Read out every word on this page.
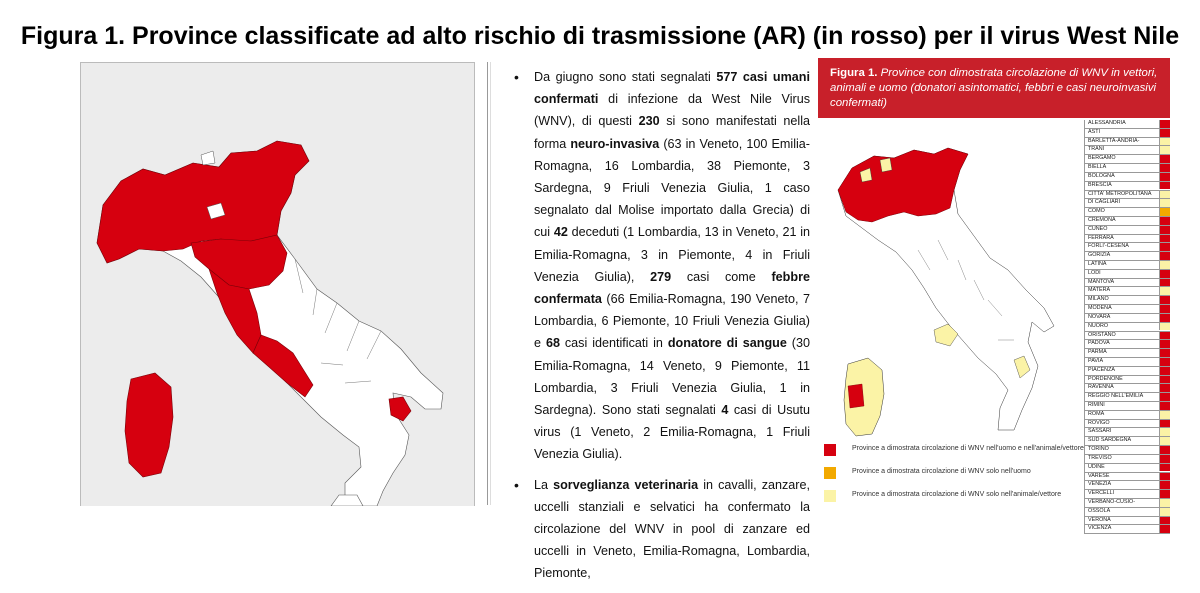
Figura 1. Province classificate ad alto rischio di trasmissione (AR) (in rosso) per il virus West Nile
• Da giugno sono stati segnalati 577 casi umani confermati di infezione da West Nile Virus (WNV), di questi 230 si sono manifestati nella forma neuro-invasiva (63 in Veneto, 100 Emilia-Romagna, 16 Lombardia, 38 Piemonte, 3 Sardegna, 9 Friuli Venezia Giulia, 1 caso segnalato dal Molise importato dalla Grecia) di cui 42 deceduti (1 Lombardia, 13 in Veneto, 21 in Emilia-Romagna, 3 in Piemonte, 4 in Friuli Venezia Giulia), 279 casi come febbre confermata (66 Emilia-Romagna, 190 Veneto, 7 Lombardia, 6 Piemonte, 10 Friuli Venezia Giulia) e 68 casi identificati in donatore di sangue (30 Emilia-Romagna, 14 Veneto, 9 Piemonte, 11 Lombardia, 3 Friuli Venezia Giulia, 1 in Sardegna). Sono stati segnalati 4 casi di Usutu virus (1 Veneto, 2 Emilia-Romagna, 1 Friuli Venezia Giulia).
• La sorveglianza veterinaria in cavalli, zanzare, uccelli stanziali e selvatici ha confermato la circolazione del WNV in pool di zanzare ed uccelli in Veneto, Emilia-Romagna, Lombardia, Piemonte,
Figura 1. Province con dimostrata circolazione di WNV in vettori, animali e uomo (donatori asintomatici, febbri e casi neuroinvasivi confermati)
ALESSANDRIA
ASTI
BARLETTA-ANDRIA-
TRANI
BERGAMO
BIELLA
BOLOGNA
BRESCIA
CITTA' METROPOLITANA
DI CAGLIARI
COMO
CREMONA
CUNEO
FERRARA
FORLI'-CESENA
GORIZIA
LATINA
LODI
MANTOVA
MATERA
MILANO
MODENA
NOVARA
NUORO
ORISTANO
PADOVA
PARMA
PAVIA
PIACENZA
PORDENONE
RAVENNA
REGGIO NELL'EMILIA
RIMINI
ROMA
ROVIGO
SASSARI
SUD SARDEGNA
TORINO
TREVISO
UDINE
VARESE
VENEZIA
VERCELLI
VERBANO-CUSIO-
OSSOLA
VERONA
VICENZA
Province a dimostrata circolazione di WNV nell'uomo e nell'animale/vettore
Province a dimostrata circolazione di WNV solo nell'uomo
Province a dimostrata circolazione di WNV solo nell'animale/vettore
